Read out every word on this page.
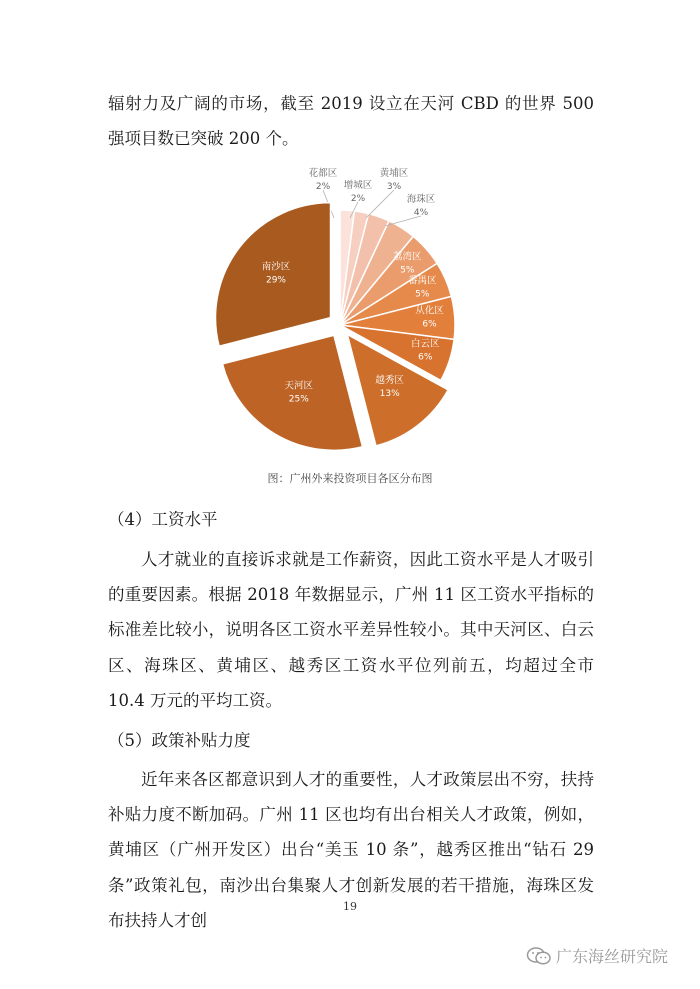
辐射力及广阔的市场，截至 2019 设立在天河 CBD 的世界 500 强项目数已突破 200 个。

花都区
2% 增城区
2%
黄埔区
3%
海珠区
4%
荔湾区
5%
番禺区
5%
从化区
6%
白云区
6%
越秀区
13%
天河区
25%
南沙区
29%
图：广州外来投资项目各区分布图

（4）工资水平

人才就业的直接诉求就是工作薪资，因此工资水平是人才吸引的重要因素。根据 2018 年数据显示，广州 11 区工资水平指标的标准差比较小，说明各区工资水平差异性较小。其中天河区、白云区、海珠区、黄埔区、越秀区工资水平位列前五，均超过全市 10.4 万元的平均工资。

（5）政策补贴力度

近年来各区都意识到人才的重要性，人才政策层出不穷，扶持补贴力度不断加码。广州 11 区也均有出台相关人才政策，例如，黄埔区（广州开发区）出台“美玉 10 条”，越秀区推出“钻石 29 条”政策礼包，南沙出台集聚人才创新发展的若干措施，海珠区发布扶持人才创

19
广东海丝研究院
